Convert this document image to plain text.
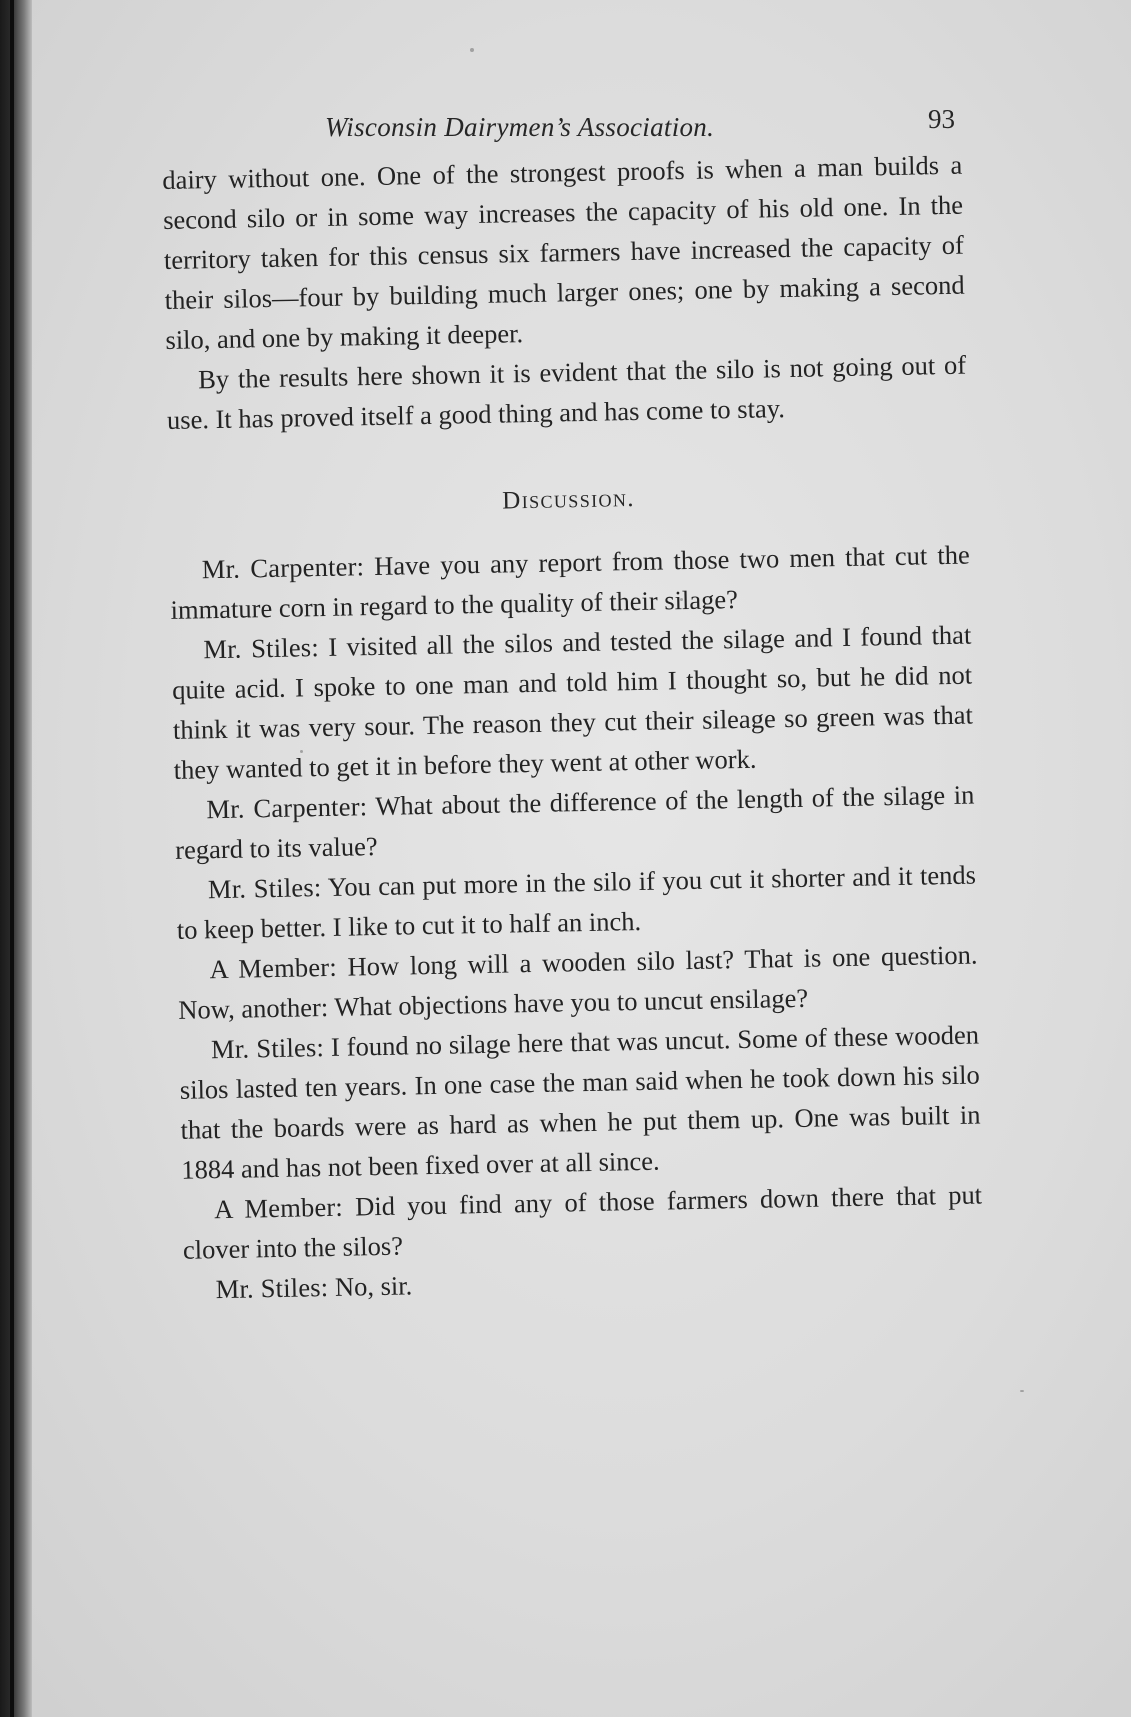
Wisconsin Dairymen’s Association.	93

dairy without one. One of the strongest proofs is when a man builds a second silo or in some way increases the capacity of his old one. In the territory taken for this census six farmers have increased the capacity of their silos—four by building much larger ones; one by making a second silo, and one by making it deeper.

By the results here shown it is evident that the silo is not going out of use. It has proved itself a good thing and has come to stay.

Discussion.

Mr. Carpenter: Have you any report from those two men that cut the immature corn in regard to the quality of their silage?

Mr. Stiles: I visited all the silos and tested the silage and I found that quite acid. I spoke to one man and told him I thought so, but he did not think it was very sour. The reason they cut their sileage so green was that they wanted to get it in before they went at other work.

Mr. Carpenter: What about the difference of the length of the silage in regard to its value?

Mr. Stiles: You can put more in the silo if you cut it shorter and it tends to keep better. I like to cut it to half an inch.

A Member: How long will a wooden silo last? That is one question. Now, another: What objections have you to uncut ensilage?

Mr. Stiles: I found no silage here that was uncut. Some of these wooden silos lasted ten years. In one case the man said when he took down his silo that the boards were as hard as when he put them up. One was built in 1884 and has not been fixed over at all since.

A Member: Did you find any of those farmers down there that put clover into the silos?

Mr. Stiles: No, sir.
